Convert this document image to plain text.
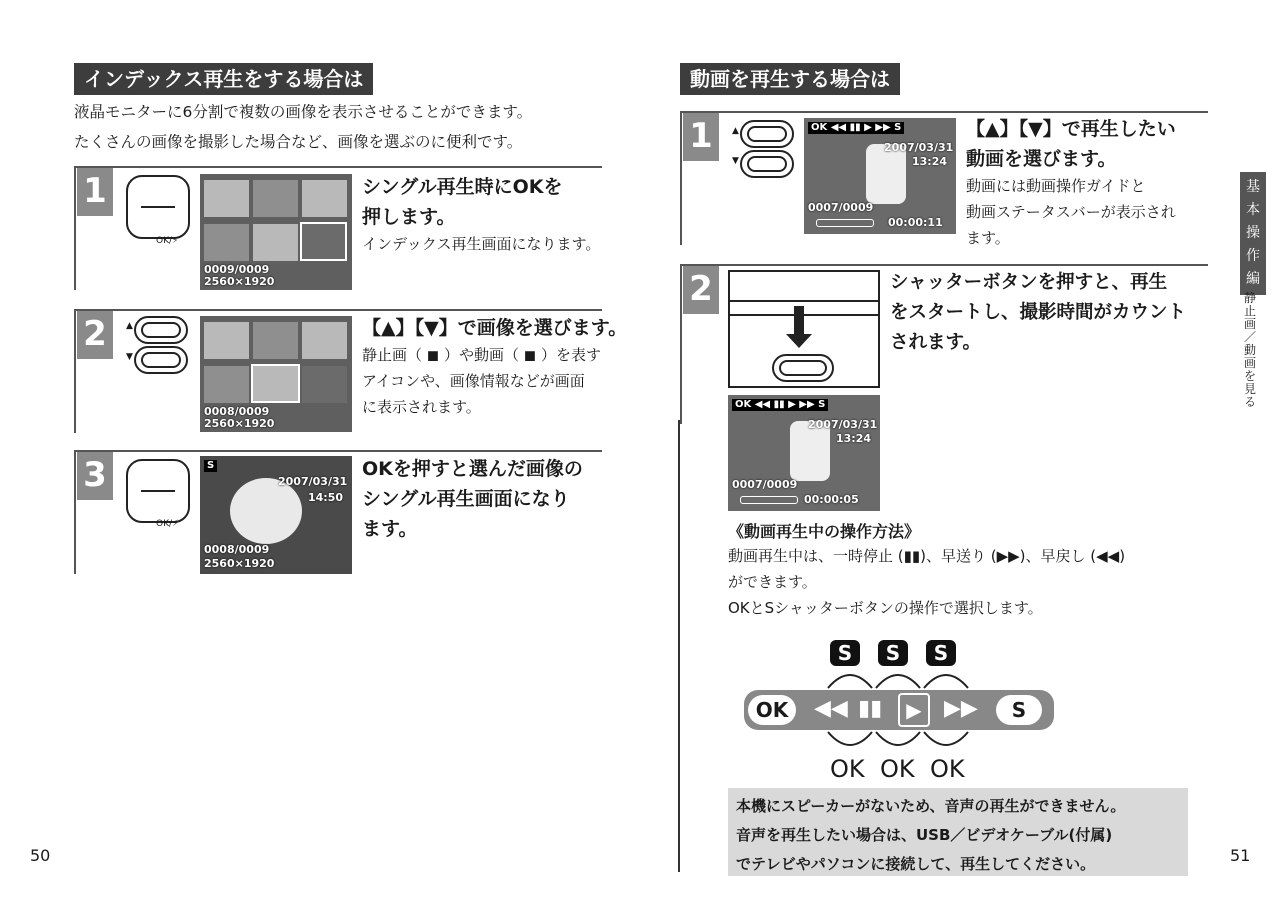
インデックス再生をする場合は
液晶モニターに6分割で複数の画像を表示させることができます。
たくさんの画像を撮影した場合など、画像を選ぶのに便利です。
1
OK/⚡
0009/0009
2560×1920
シングル再生時にOKを
押します。
インデックス再生画面になります。
2	▲
▼
0008/0009
2560×1920
【▲】【▼】で画像を選びます。
静止画（ ◼ ）や動画（ ◼ ）を表す
アイコンや、画像情報などが画面
に表示されます。
3
OK/⚡
S
2007/03/31
14:50
0008/0009
2560×1920
OKを押すと選んだ画像の
シングル再生画面になり
ます。
50
動画を再生する場合は
1	▲
▼
OK ◀◀ ▮▮ ▶ ▶▶ S
2007/03/31
13:24
0007/0009
00:00:11
【▲】【▼】で再生したい
動画を選びます。
動画には動画操作ガイドと
動画ステータスバーが表示され
ます。
2
OK ◀◀ ▮▮ ▶ ▶▶ S
2007/03/31
13:24
0007/0009
00:00:05
シャッターボタンを押すと、再生
をスタートし、撮影時間がカウント
されます。
《動画再生中の操作方法》
動画再生中は、一時停止 (▮▮)、早送り (▶▶)、早戻し (◀◀)
ができます。
OKとSシャッターボタンの操作で選択します。
S	S	S
OK	◀◀ ▮▮	▶	▶▶	S
OK OK OK
本機にスピーカーがないため、音声の再生ができません。
音声を再生したい場合は、USB／ビデオケーブル(付属)
でテレビやパソコンに接続して、再生してください。
基
本
操
作
編
静止画／動画を見る
51
